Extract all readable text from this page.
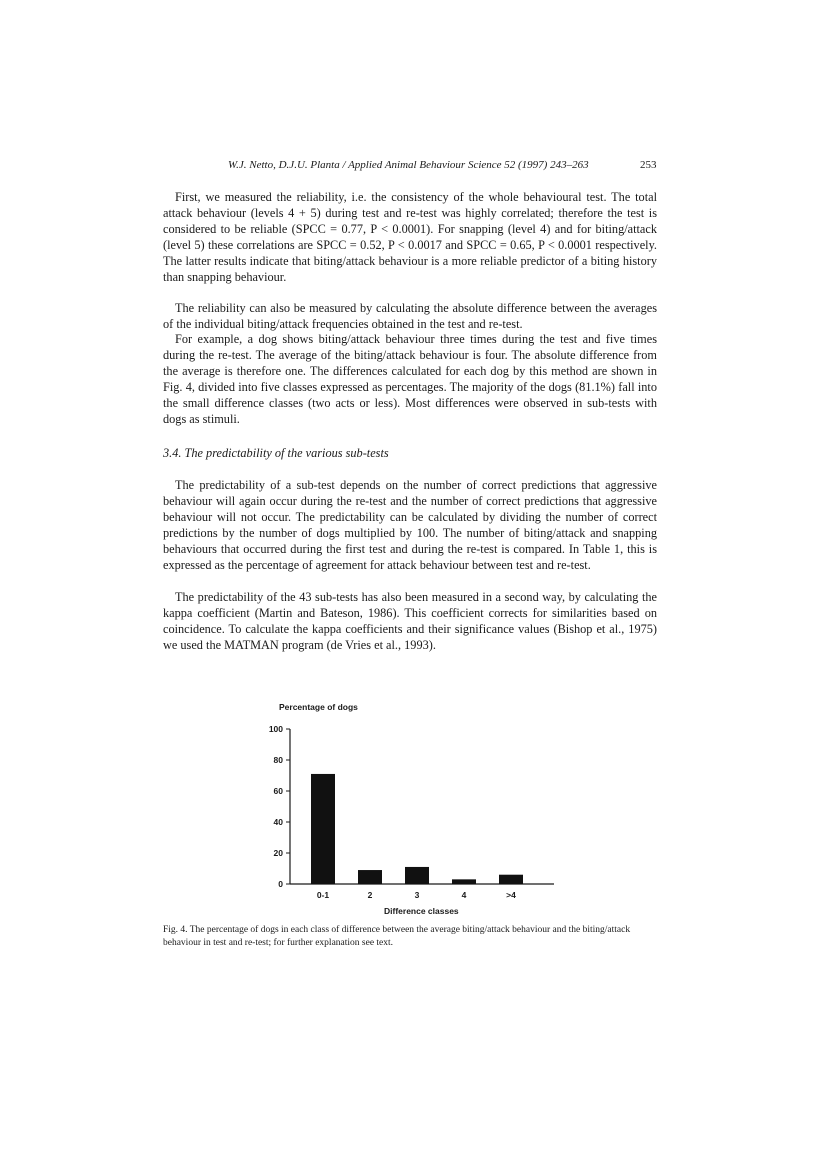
W.J. Netto, D.J.U. Planta / Applied Animal Behaviour Science 52 (1997) 243–263	253

First, we measured the reliability, i.e. the consistency of the whole behavioural test. The total attack behaviour (levels 4 + 5) during test and re-test was highly correlated; therefore the test is considered to be reliable (SPCC = 0.77, P < 0.0001). For snapping (level 4) and for biting/attack (level 5) these correlations are SPCC = 0.52, P < 0.0017 and SPCC = 0.65, P < 0.0001 respectively. The latter results indicate that biting/attack behaviour is a more reliable predictor of a biting history than snapping behaviour.

The reliability can also be measured by calculating the absolute difference between the averages of the individual biting/attack frequencies obtained in the test and re-test.

For example, a dog shows biting/attack behaviour three times during the test and five times during the re-test. The average of the biting/attack behaviour is four. The absolute difference from the average is therefore one. The differences calculated for each dog by this method are shown in Fig. 4, divided into five classes expressed as percentages. The majority of the dogs (81.1%) fall into the small difference classes (two acts or less). Most differences were observed in sub-tests with dogs as stimuli.

3.4. The predictability of the various sub-tests

The predictability of a sub-test depends on the number of correct predictions that aggressive behaviour will again occur during the re-test and the number of correct predictions that aggressive behaviour will not occur. The predictability can be calculated by dividing the number of correct predictions by the number of dogs multiplied by 100. The number of biting/attack and snapping behaviours that occurred during the first test and during the re-test is compared. In Table 1, this is expressed as the percentage of agreement for attack behaviour between test and re-test.

The predictability of the 43 sub-tests has also been measured in a second way, by calculating the kappa coefficient (Martin and Bateson, 1986). This coefficient corrects for similarities based on coincidence. To calculate the kappa coefficients and their significance values (Bishop et al., 1975) we used the MATMAN program (de Vries et al., 1993).

Percentage of dogs
0
20
40
60
80
100
0-1	2	3	4	>4
Difference classes
Fig. 4. The percentage of dogs in each class of difference between the average biting/attack behaviour and the biting/attack behaviour in test and re-test; for further explanation see text.
